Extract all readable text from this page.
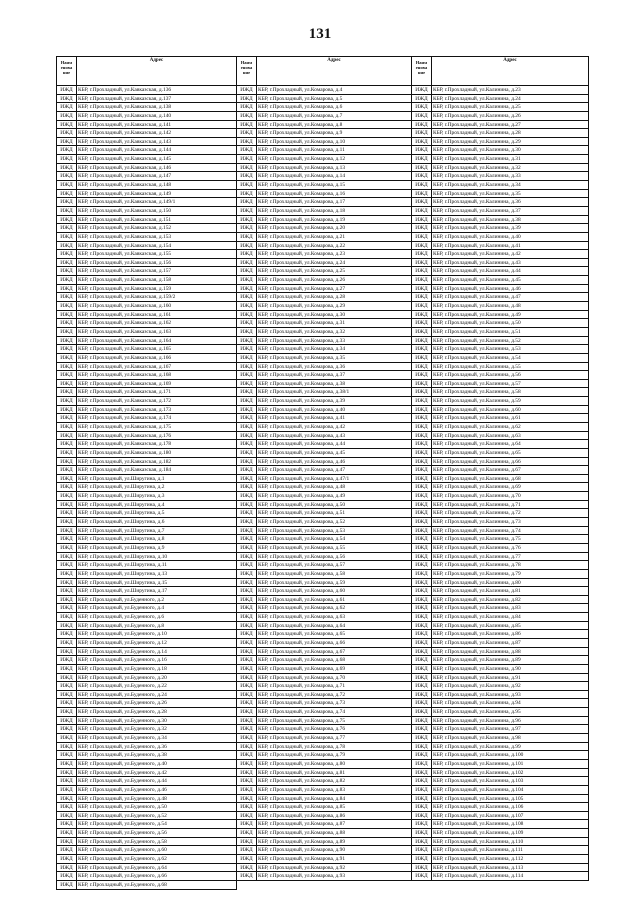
131
Наим енова ние
Адрес
ИЖД КБР, г.Прохладный, ул.Кавказская, д.136
ИЖД КБР, г.Прохладный, ул.Кавказская, д.137
ИЖД КБР, г.Прохладный, ул.Кавказская, д.138
ИЖД КБР, г.Прохладный, ул.Кавказская, д.140
ИЖД КБР, г.Прохладный, ул.Кавказская, д.141
ИЖД КБР, г.Прохладный, ул.Кавказская, д.142
ИЖД КБР, г.Прохладный, ул.Кавказская, д.143
ИЖД КБР, г.Прохладный, ул.Кавказская, д.144
ИЖД КБР, г.Прохладный, ул.Кавказская, д.145
ИЖД КБР, г.Прохладный, ул.Кавказская, д.146
ИЖД КБР, г.Прохладный, ул.Кавказская, д.147
ИЖД КБР, г.Прохладный, ул.Кавказская, д.148
ИЖД КБР, г.Прохладный, ул.Кавказская, д.149
ИЖД КБР, г.Прохладный, ул.Кавказская, д.149/1
ИЖД КБР, г.Прохладный, ул.Кавказская, д.150
ИЖД КБР, г.Прохладный, ул.Кавказская, д.151
ИЖД КБР, г.Прохладный, ул.Кавказская, д.152
ИЖД КБР, г.Прохладный, ул.Кавказская, д.153
ИЖД КБР, г.Прохладный, ул.Кавказская, д.154
ИЖД КБР, г.Прохладный, ул.Кавказская, д.155
ИЖД КБР, г.Прохладный, ул.Кавказская, д.156
ИЖД КБР, г.Прохладный, ул.Кавказская, д.157
ИЖД КБР, г.Прохладный, ул.Кавказская, д.158
ИЖД КБР, г.Прохладный, ул.Кавказская, д.159
ИЖД КБР, г.Прохладный, ул.Кавказская, д.159/2
ИЖД КБР, г.Прохладный, ул.Кавказская, д.160
ИЖД КБР, г.Прохладный, ул.Кавказская, д.161
ИЖД КБР, г.Прохладный, ул.Кавказская, д.162
ИЖД КБР, г.Прохладный, ул.Кавказская, д.163
ИЖД КБР, г.Прохладный, ул.Кавказская, д.164
ИЖД КБР, г.Прохладный, ул.Кавказская, д.165
ИЖД КБР, г.Прохладный, ул.Кавказская, д.166
ИЖД КБР, г.Прохладный, ул.Кавказская, д.167
ИЖД КБР, г.Прохладный, ул.Кавказская, д.168
ИЖД КБР, г.Прохладный, ул.Кавказская, д.169
ИЖД КБР, г.Прохладный, ул.Кавказская, д.171
ИЖД КБР, г.Прохладный, ул.Кавказская, д.172
ИЖД КБР, г.Прохладный, ул.Кавказская, д.173
ИЖД КБР, г.Прохладный, ул.Кавказская, д.174
ИЖД КБР, г.Прохладный, ул.Кавказская, д.175
ИЖД КБР, г.Прохладный, ул.Кавказская, д.176
ИЖД КБР, г.Прохладный, ул.Кавказская, д.178
ИЖД КБР, г.Прохладный, ул.Кавказская, д.180
ИЖД КБР, г.Прохладный, ул.Кавказская, д.182
ИЖД КБР, г.Прохладный, ул.Кавказская, д.184
ИЖД КБР, г.Прохладный, ул.Ширугина, д.1
ИЖД КБР, г.Прохладный, ул.Ширугина, д.2
ИЖД КБР, г.Прохладный, ул.Ширугина, д.3
ИЖД КБР, г.Прохладный, ул.Ширугина, д.4
ИЖД КБР, г.Прохладный, ул.Ширугина, д.5
ИЖД КБР, г.Прохладный, ул.Ширугина, д.6
ИЖД КБР, г.Прохладный, ул.Ширугина, д.7
ИЖД КБР, г.Прохладный, ул.Ширугина, д.8
ИЖД КБР, г.Прохладный, ул.Ширугина, д.9
ИЖД КБР, г.Прохладный, ул.Ширугина, д.10
ИЖД КБР, г.Прохладный, ул.Ширугина, д.11
ИЖД КБР, г.Прохладный, ул.Ширугина, д.13
ИЖД КБР, г.Прохладный, ул.Ширугина, д.15
ИЖД КБР, г.Прохладный, ул.Ширугина, д.17
ИЖД КБР, г.Прохладный, ул.Буденного, д.2
ИЖД КБР, г.Прохладный, ул.Буденного, д.4
ИЖД КБР, г.Прохладный, ул.Буденного, д.6
ИЖД КБР, г.Прохладный, ул.Буденного, д.8
ИЖД КБР, г.Прохладный, ул.Буденного, д.10
ИЖД КБР, г.Прохладный, ул.Буденного, д.12
ИЖД КБР, г.Прохладный, ул.Буденного, д.14
ИЖД КБР, г.Прохладный, ул.Буденного, д.16
ИЖД КБР, г.Прохладный, ул.Буденного, д.18
ИЖД КБР, г.Прохладный, ул.Буденного, д.20
ИЖД КБР, г.Прохладный, ул.Буденного, д.22
ИЖД КБР, г.Прохладный, ул.Буденного, д.24
ИЖД КБР, г.Прохладный, ул.Буденного, д.26
ИЖД КБР, г.Прохладный, ул.Буденного, д.28
ИЖД КБР, г.Прохладный, ул.Буденного, д.30
ИЖД КБР, г.Прохладный, ул.Буденного, д.32
ИЖД КБР, г.Прохладный, ул.Буденного, д.34
ИЖД КБР, г.Прохладный, ул.Буденного, д.36
ИЖД КБР, г.Прохладный, ул.Буденного, д.38
ИЖД КБР, г.Прохладный, ул.Буденного, д.40
ИЖД КБР, г.Прохладный, ул.Буденного, д.42
ИЖД КБР, г.Прохладный, ул.Буденного, д.44
ИЖД КБР, г.Прохладный, ул.Буденного, д.46
ИЖД КБР, г.Прохладный, ул.Буденного, д.48
ИЖД КБР, г.Прохладный, ул.Буденного, д.50
ИЖД КБР, г.Прохладный, ул.Буденного, д.52
ИЖД КБР, г.Прохладный, ул.Буденного, д.54
ИЖД КБР, г.Прохладный, ул.Буденного, д.56
ИЖД КБР, г.Прохладный, ул.Буденного, д.58
ИЖД КБР, г.Прохладный, ул.Буденного, д.60
ИЖД КБР, г.Прохладный, ул.Буденного, д.62
ИЖД КБР, г.Прохладный, ул.Буденного, д.64
ИЖД КБР, г.Прохладный, ул.Буденного, д.66
ИЖД КБР, г.Прохладный, ул.Буденного, д.68
Наим енова ние
Адрес
ИЖД КБР, г.Прохладный, ул.Комарова, д.4
ИЖД КБР, г.Прохладный, ул.Комарова, д.5
ИЖД КБР, г.Прохладный, ул.Комарова, д.6
ИЖД КБР, г.Прохладный, ул.Комарова, д.7
ИЖД КБР, г.Прохладный, ул.Комарова, д.8
ИЖД КБР, г.Прохладный, ул.Комарова, д.9
ИЖД КБР, г.Прохладный, ул.Комарова, д.10
ИЖД КБР, г.Прохладный, ул.Комарова, д.11
ИЖД КБР, г.Прохладный, ул.Комарова, д.12
ИЖД КБР, г.Прохладный, ул.Комарова, д.13
ИЖД КБР, г.Прохладный, ул.Комарова, д.14
ИЖД КБР, г.Прохладный, ул.Комарова, д.15
ИЖД КБР, г.Прохладный, ул.Комарова, д.16
ИЖД КБР, г.Прохладный, ул.Комарова, д.17
ИЖД КБР, г.Прохладный, ул.Комарова, д.18
ИЖД КБР, г.Прохладный, ул.Комарова, д.19
ИЖД КБР, г.Прохладный, ул.Комарова, д.20
ИЖД КБР, г.Прохладный, ул.Комарова, д.21
ИЖД КБР, г.Прохладный, ул.Комарова, д.22
ИЖД КБР, г.Прохладный, ул.Комарова, д.23
ИЖД КБР, г.Прохладный, ул.Комарова, д.24
ИЖД КБР, г.Прохладный, ул.Комарова, д.25
ИЖД КБР, г.Прохладный, ул.Комарова, д.26
ИЖД КБР, г.Прохладный, ул.Комарова, д.27
ИЖД КБР, г.Прохладный, ул.Комарова, д.28
ИЖД КБР, г.Прохладный, ул.Комарова, д.29
ИЖД КБР, г.Прохладный, ул.Комарова, д.30
ИЖД КБР, г.Прохладный, ул.Комарова, д.31
ИЖД КБР, г.Прохладный, ул.Комарова, д.32
ИЖД КБР, г.Прохладный, ул.Комарова, д.33
ИЖД КБР, г.Прохладный, ул.Комарова, д.34
ИЖД КБР, г.Прохладный, ул.Комарова, д.35
ИЖД КБР, г.Прохладный, ул.Комарова, д.36
ИЖД КБР, г.Прохладный, ул.Комарова, д.37
ИЖД КБР, г.Прохладный, ул.Комарова, д.38
ИЖД КБР, г.Прохладный, ул.Комарова, д.38/1
ИЖД КБР, г.Прохладный, ул.Комарова, д.39
ИЖД КБР, г.Прохладный, ул.Комарова, д.40
ИЖД КБР, г.Прохладный, ул.Комарова, д.41
ИЖД КБР, г.Прохладный, ул.Комарова, д.42
ИЖД КБР, г.Прохладный, ул.Комарова, д.43
ИЖД КБР, г.Прохладный, ул.Комарова, д.44
ИЖД КБР, г.Прохладный, ул.Комарова, д.45
ИЖД КБР, г.Прохладный, ул.Комарова, д.46
ИЖД КБР, г.Прохладный, ул.Комарова, д.47
ИЖД КБР, г.Прохладный, ул.Комарова, д.47/1
ИЖД КБР, г.Прохладный, ул.Комарова, д.48
ИЖД КБР, г.Прохладный, ул.Комарова, д.49
ИЖД КБР, г.Прохладный, ул.Комарова, д.50
ИЖД КБР, г.Прохладный, ул.Комарова, д.51
ИЖД КБР, г.Прохладный, ул.Комарова, д.52
ИЖД КБР, г.Прохладный, ул.Комарова, д.53
ИЖД КБР, г.Прохладный, ул.Комарова, д.54
ИЖД КБР, г.Прохладный, ул.Комарова, д.55
ИЖД КБР, г.Прохладный, ул.Комарова, д.56
ИЖД КБР, г.Прохладный, ул.Комарова, д.57
ИЖД КБР, г.Прохладный, ул.Комарова, д.58
ИЖД КБР, г.Прохладный, ул.Комарова, д.59
ИЖД КБР, г.Прохладный, ул.Комарова, д.60
ИЖД КБР, г.Прохладный, ул.Комарова, д.61
ИЖД КБР, г.Прохладный, ул.Комарова, д.62
ИЖД КБР, г.Прохладный, ул.Комарова, д.63
ИЖД КБР, г.Прохладный, ул.Комарова, д.64
ИЖД КБР, г.Прохладный, ул.Комарова, д.65
ИЖД КБР, г.Прохладный, ул.Комарова, д.66
ИЖД КБР, г.Прохладный, ул.Комарова, д.67
ИЖД КБР, г.Прохладный, ул.Комарова, д.68
ИЖД КБР, г.Прохладный, ул.Комарова, д.69
ИЖД КБР, г.Прохладный, ул.Комарова, д.70
ИЖД КБР, г.Прохладный, ул.Комарова, д.71
ИЖД КБР, г.Прохладный, ул.Комарова, д.72
ИЖД КБР, г.Прохладный, ул.Комарова, д.73
ИЖД КБР, г.Прохладный, ул.Комарова, д.74
ИЖД КБР, г.Прохладный, ул.Комарова, д.75
ИЖД КБР, г.Прохладный, ул.Комарова, д.76
ИЖД КБР, г.Прохладный, ул.Комарова, д.77
ИЖД КБР, г.Прохладный, ул.Комарова, д.78
ИЖД КБР, г.Прохладный, ул.Комарова, д.79
ИЖД КБР, г.Прохладный, ул.Комарова, д.80
ИЖД КБР, г.Прохладный, ул.Комарова, д.81
ИЖД КБР, г.Прохладный, ул.Комарова, д.82
ИЖД КБР, г.Прохладный, ул.Комарова, д.83
ИЖД КБР, г.Прохладный, ул.Комарова, д.84
ИЖД КБР, г.Прохладный, ул.Комарова, д.85
ИЖД КБР, г.Прохладный, ул.Комарова, д.86
ИЖД КБР, г.Прохладный, ул.Комарова, д.87
ИЖД КБР, г.Прохладный, ул.Комарова, д.88
ИЖД КБР, г.Прохладный, ул.Комарова, д.89
ИЖД КБР, г.Прохладный, ул.Комарова, д.90
ИЖД КБР, г.Прохладный, ул.Комарова, д.91
ИЖД КБР, г.Прохладный, ул.Комарова, д.92
ИЖД КБР, г.Прохладный, ул.Комарова, д.93
Наим енова ние
Адрес
ИЖД КБР, г.Прохладный, ул.Калинина, д.23
ИЖД КБР, г.Прохладный, ул.Калинина, д.24
ИЖД КБР, г.Прохладный, ул.Калинина, д.25
ИЖД КБР, г.Прохладный, ул.Калинина, д.26
ИЖД КБР, г.Прохладный, ул.Калинина, д.27
ИЖД КБР, г.Прохладный, ул.Калинина, д.28
ИЖД КБР, г.Прохладный, ул.Калинина, д.29
ИЖД КБР, г.Прохладный, ул.Калинина, д.30
ИЖД КБР, г.Прохладный, ул.Калинина, д.31
ИЖД КБР, г.Прохладный, ул.Калинина, д.32
ИЖД КБР, г.Прохладный, ул.Калинина, д.33
ИЖД КБР, г.Прохладный, ул.Калинина, д.34
ИЖД КБР, г.Прохладный, ул.Калинина, д.35
ИЖД КБР, г.Прохладный, ул.Калинина, д.36
ИЖД КБР, г.Прохладный, ул.Калинина, д.37
ИЖД КБР, г.Прохладный, ул.Калинина, д.38
ИЖД КБР, г.Прохладный, ул.Калинина, д.39
ИЖД КБР, г.Прохладный, ул.Калинина, д.40
ИЖД КБР, г.Прохладный, ул.Калинина, д.41
ИЖД КБР, г.Прохладный, ул.Калинина, д.42
ИЖД КБР, г.Прохладный, ул.Калинина, д.43
ИЖД КБР, г.Прохладный, ул.Калинина, д.44
ИЖД КБР, г.Прохладный, ул.Калинина, д.45
ИЖД КБР, г.Прохладный, ул.Калинина, д.46
ИЖД КБР, г.Прохладный, ул.Калинина, д.47
ИЖД КБР, г.Прохладный, ул.Калинина, д.48
ИЖД КБР, г.Прохладный, ул.Калинина, д.49
ИЖД КБР, г.Прохладный, ул.Калинина, д.50
ИЖД КБР, г.Прохладный, ул.Калинина, д.51
ИЖД КБР, г.Прохладный, ул.Калинина, д.52
ИЖД КБР, г.Прохладный, ул.Калинина, д.53
ИЖД КБР, г.Прохладный, ул.Калинина, д.54
ИЖД КБР, г.Прохладный, ул.Калинина, д.55
ИЖД КБР, г.Прохладный, ул.Калинина, д.56
ИЖД КБР, г.Прохладный, ул.Калинина, д.57
ИЖД КБР, г.Прохладный, ул.Калинина, д.58
ИЖД КБР, г.Прохладный, ул.Калинина, д.59
ИЖД КБР, г.Прохладный, ул.Калинина, д.60
ИЖД КБР, г.Прохладный, ул.Калинина, д.61
ИЖД КБР, г.Прохладный, ул.Калинина, д.62
ИЖД КБР, г.Прохладный, ул.Калинина, д.63
ИЖД КБР, г.Прохладный, ул.Калинина, д.64
ИЖД КБР, г.Прохладный, ул.Калинина, д.65
ИЖД КБР, г.Прохладный, ул.Калинина, д.66
ИЖД КБР, г.Прохладный, ул.Калинина, д.67
ИЖД КБР, г.Прохладный, ул.Калинина, д.68
ИЖД КБР, г.Прохладный, ул.Калинина, д.69
ИЖД КБР, г.Прохладный, ул.Калинина, д.70
ИЖД КБР, г.Прохладный, ул.Калинина, д.71
ИЖД КБР, г.Прохладный, ул.Калинина, д.72
ИЖД КБР, г.Прохладный, ул.Калинина, д.73
ИЖД КБР, г.Прохладный, ул.Калинина, д.74
ИЖД КБР, г.Прохладный, ул.Калинина, д.75
ИЖД КБР, г.Прохладный, ул.Калинина, д.76
ИЖД КБР, г.Прохладный, ул.Калинина, д.77
ИЖД КБР, г.Прохладный, ул.Калинина, д.78
ИЖД КБР, г.Прохладный, ул.Калинина, д.79
ИЖД КБР, г.Прохладный, ул.Калинина, д.80
ИЖД КБР, г.Прохладный, ул.Калинина, д.81
ИЖД КБР, г.Прохладный, ул.Калинина, д.82
ИЖД КБР, г.Прохладный, ул.Калинина, д.83
ИЖД КБР, г.Прохладный, ул.Калинина, д.84
ИЖД КБР, г.Прохладный, ул.Калинина, д.85
ИЖД КБР, г.Прохладный, ул.Калинина, д.86
ИЖД КБР, г.Прохладный, ул.Калинина, д.87
ИЖД КБР, г.Прохладный, ул.Калинина, д.88
ИЖД КБР, г.Прохладный, ул.Калинина, д.89
ИЖД КБР, г.Прохладный, ул.Калинина, д.90
ИЖД КБР, г.Прохладный, ул.Калинина, д.91
ИЖД КБР, г.Прохладный, ул.Калинина, д.92
ИЖД КБР, г.Прохладный, ул.Калинина, д.93
ИЖД КБР, г.Прохладный, ул.Калинина, д.94
ИЖД КБР, г.Прохладный, ул.Калинина, д.95
ИЖД КБР, г.Прохладный, ул.Калинина, д.96
ИЖД КБР, г.Прохладный, ул.Калинина, д.97
ИЖД КБР, г.Прохладный, ул.Калинина, д.98
ИЖД КБР, г.Прохладный, ул.Калинина, д.99
ИЖД КБР, г.Прохладный, ул.Калинина, д.100
ИЖД КБР, г.Прохладный, ул.Калинина, д.101
ИЖД КБР, г.Прохладный, ул.Калинина, д.102
ИЖД КБР, г.Прохладный, ул.Калинина, д.103
ИЖД КБР, г.Прохладный, ул.Калинина, д.104
ИЖД КБР, г.Прохладный, ул.Калинина, д.105
ИЖД КБР, г.Прохладный, ул.Калинина, д.106
ИЖД КБР, г.Прохладный, ул.Калинина, д.107
ИЖД КБР, г.Прохладный, ул.Калинина, д.108
ИЖД КБР, г.Прохладный, ул.Калинина, д.109
ИЖД КБР, г.Прохладный, ул.Калинина, д.110
ИЖД КБР, г.Прохладный, ул.Калинина, д.111
ИЖД КБР, г.Прохладный, ул.Калинина, д.112
ИЖД КБР, г.Прохладный, ул.Калинина, д.113
ИЖД КБР, г.Прохладный, ул.Калинина, д.114
